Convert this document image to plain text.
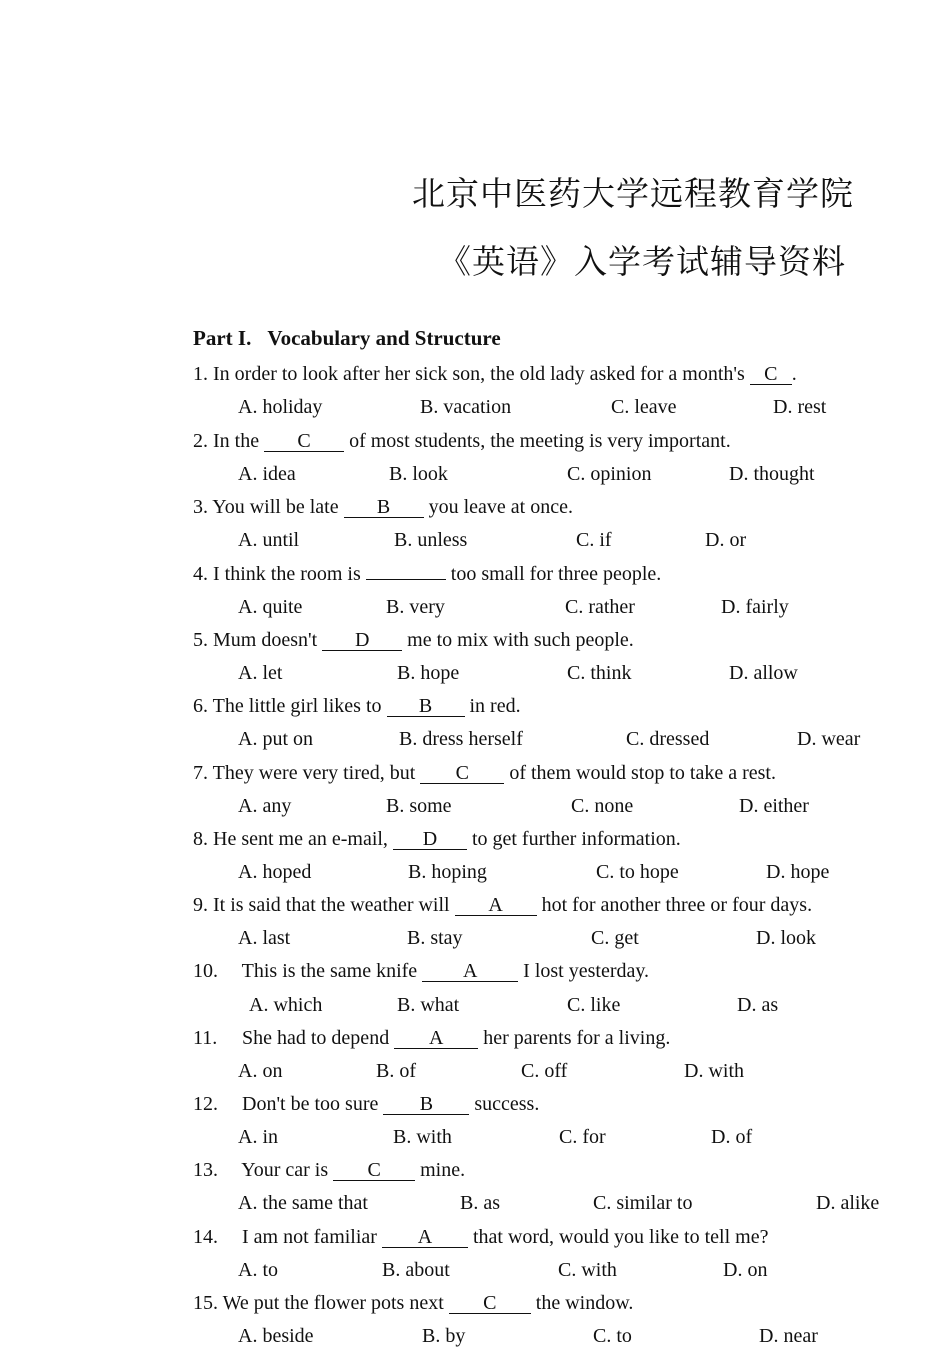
北京中医药大学远程教育学院
《英语》入学考试辅导资料
Part I. Vocabulary and Structure
1. In order to look after her sick son, the old lady asked for a month's C .
A. holiday	B. vacation	C. leave	D. rest
2. In the C of most students, the meeting is very important.
A. idea	B. look	C. opinion	D. thought
3. You will be late B you leave at once.
A. until	B. unless	C. if	D. or
4. I think the room is	too small for three people.
A. quite	B. very	C. rather	D. fairly
5. Mum doesn't D me to mix with such people.
A. let	B. hope	C. think	D. allow
6. The little girl likes to B in red.
A. put on	B. dress herself	C. dressed	D. wear
7. They were very tired, but C of them would stop to take a rest.
A. any	B. some	C. none	D. either
8. He sent me an e-mail, D to get further information.
A. hoped	B. hoping	C. to hope	D. hope
9. It is said that the weather will A hot for another three or four days.
A. last	B. stay	C. get	D. look
10. This is the same knife A I lost yesterday.
A. which	B. what	C. like	D. as
11. She had to depend A her parents for a living.
A. on	B. of	C. off	D. with
12. Don't be too sure B success.
A. in	B. with	C. for	D. of
13. Your car is C mine.
A. the same that	B. as	C. similar to	D. alike
14. I am not familiar A that word, would you like to tell me?
A. to	B. about	C. with	D. on
15. We put the flower pots next C the window.
A. beside	B. by	C. to	D. near
